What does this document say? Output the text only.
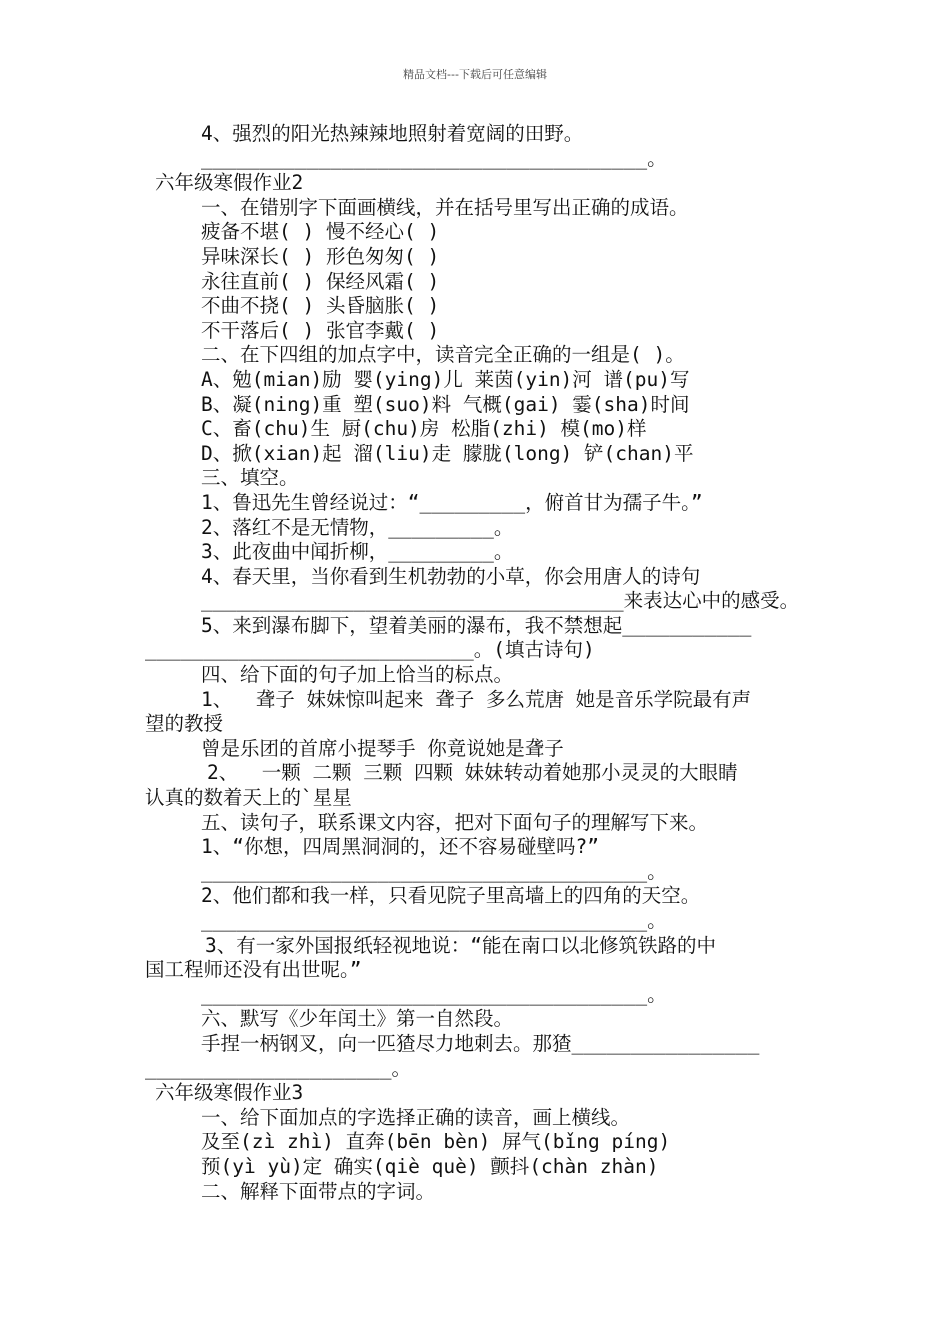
精品文档---下载后可任意编辑

4、强烈的阳光热辣辣地照射着宽阔的田野。

______________________________________。

六年级寒假作业2

一、在错别字下面画横线，并在括号里写出正确的成语。

疲备不堪( ) 慢不经心( )

异味深长( ) 形色匆匆( )

永往直前( ) 保经风霜( )

不曲不挠( ) 头昏脑胀( )

不干落后( ) 张官李戴( )

二、在下四组的加点字中，读音完全正确的一组是( )。

A、勉(mian)励 婴(ying)儿 莱茵(yin)河 谱(pu)写

B、凝(ning)重 塑(suo)料 气概(gai) 霎(sha)时间

C、畜(chu)生 厨(chu)房 松脂(zhi) 模(mo)样

D、掀(xian)起 溜(liu)走 朦胧(long) 铲(chan)平

三、填空。

1、鲁迅先生曾经说过：“_________，俯首甘为孺子牛。”

2、落红不是无情物，_________。

3、此夜曲中闻折柳，_________。

4、春天里，当你看到生机勃勃的小草，你会用唐人的诗句

____________________________________来表达心中的感受。

5、来到瀑布脚下，望着美丽的瀑布，我不禁想起___________

____________________________。(填古诗句)

四、给下面的句子加上恰当的标点。

1、  聋子 妹妹惊叫起来 聋子 多么荒唐 她是音乐学院最有声

望的教授

曾是乐团的首席小提琴手 你竟说她是聋子

2、  一颗 二颗 三颗 四颗 妹妹转动着她那小灵灵的大眼睛

认真的数着天上的`星星

五、读句子，联系课文内容，把对下面句子的理解写下来。

1、“你想，四周黑洞洞的，还不容易碰壁吗?”

______________________________________。

2、他们都和我一样，只看见院子里高墙上的四角的天空。

______________________________________。

3、有一家外国报纸轻视地说：“能在南口以北修筑铁路的中

国工程师还没有出世呢。”

______________________________________。

六、默写《少年闰土》第一自然段。

手捏一柄钢叉，向一匹猹尽力地刺去。那猹________________

_____________________。

六年级寒假作业3

一、给下面加点的字选择正确的读音，画上横线。

及至(zì zhì) 直奔(bēn bèn) 屏气(bǐng píng)

预(yì yù)定 确实(qiè què) 颤抖(chàn zhàn)

二、解释下面带点的字词。
